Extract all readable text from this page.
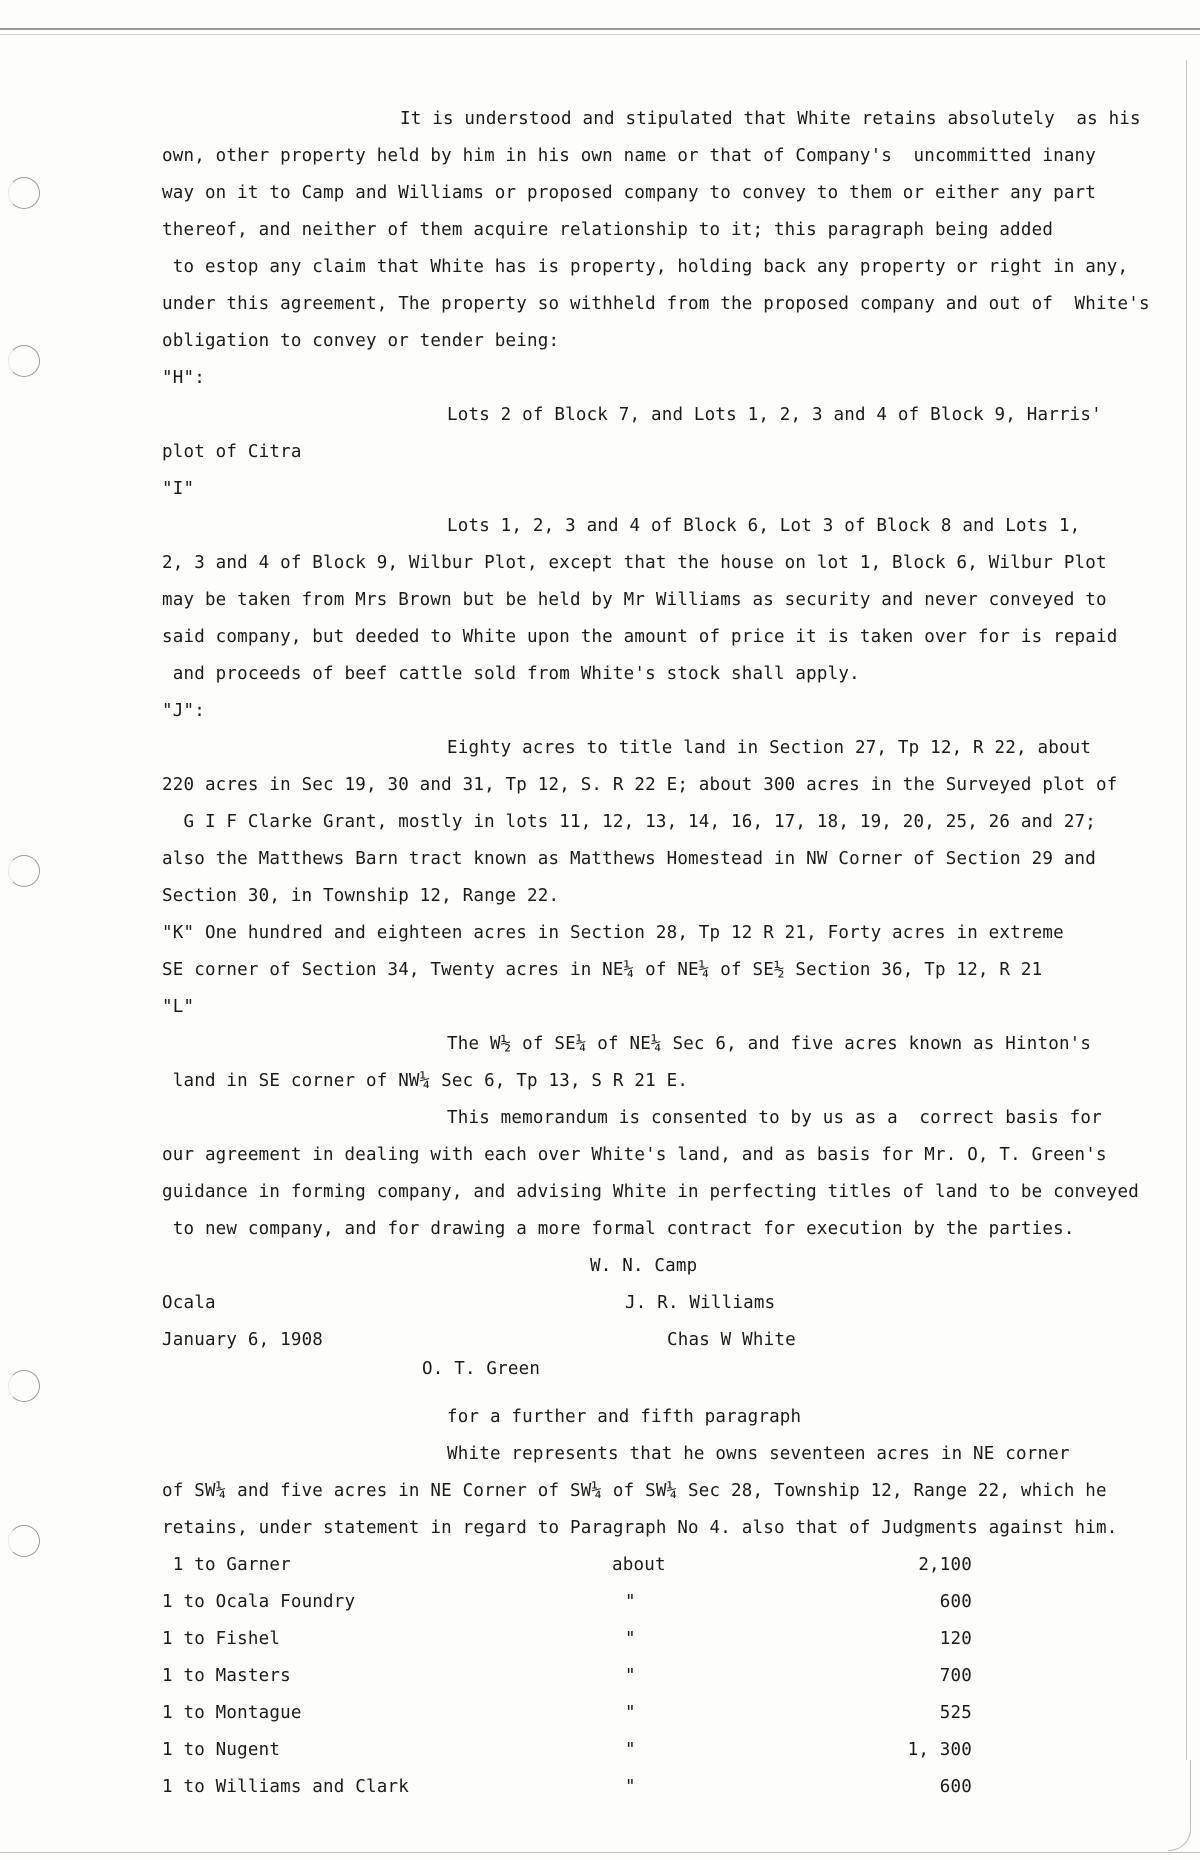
It is understood and stipulated that White retains absolutely  as his
own, other property held by him in his own name or that of Company's  uncommitted inany
way on it to Camp and Williams or proposed company to convey to them or either any part
thereof, and neither of them acquire relationship to it; this paragraph being added
to estop any claim that White has is property, holding back any property or right in any,
under this agreement, The property so withheld from the proposed company and out of  White's
obligation to convey or tender being:
"H":
Lots 2 of Block 7, and Lots 1, 2, 3 and 4 of Block 9, Harris'
plot of Citra
"I"
Lots 1, 2, 3 and 4 of Block 6, Lot 3 of Block 8 and Lots 1,
2, 3 and 4 of Block 9, Wilbur Plot, except that the house on lot 1, Block 6, Wilbur Plot
may be taken from Mrs Brown but be held by Mr Williams as security and never conveyed to
said company, but deeded to White upon the amount of price it is taken over for is repaid
and proceeds of beef cattle sold from White's stock shall apply.
"J":
Eighty acres to title land in Section 27, Tp 12, R 22, about
220 acres in Sec 19, 30 and 31, Tp 12, S. R 22 E; about 300 acres in the Surveyed plot of
G I F Clarke Grant, mostly in lots 11, 12, 13, 14, 16, 17, 18, 19, 20, 25, 26 and 27;
also the Matthews Barn tract known as Matthews Homestead in NW Corner of Section 29 and
Section 30, in Township 12, Range 22.
"K" One hundred and eighteen acres in Section 28, Tp 12 R 21, Forty acres in extreme
SE corner of Section 34, Twenty acres in NE¼ of NE¼ of SE½ Section 36, Tp 12, R 21
"L"
The W½ of SE¼ of NE¼ Sec 6, and five acres known as Hinton's
land in SE corner of NW¼ Sec 6, Tp 13, S R 21 E.
This memorandum is consented to by us as a  correct basis for
our agreement in dealing with each over White's land, and as basis for Mr. O, T. Green's
guidance in forming company, and advising White in perfecting titles of land to be conveyed
to new company, and for drawing a more formal contract for execution by the parties.
W. N. Camp
Ocala	J. R. Williams
January 6, 1908	Chas W White
O. T. Green
for a further and fifth paragraph
White represents that he owns seventeen acres in NE corner
of SW¼ and five acres in NE Corner of SW¼ of SW¼ Sec 28, Township 12, Range 22, which he
retains, under statement in regard to Paragraph No 4. also that of Judgments against him.
1 to Garner	about	2,100
1 to Ocala Foundry	"	600
1 to Fishel	"	120
1 to Masters	"	700
1 to Montague	"	525
1 to Nugent	"	1, 300
1 to Williams and Clark	"	600
